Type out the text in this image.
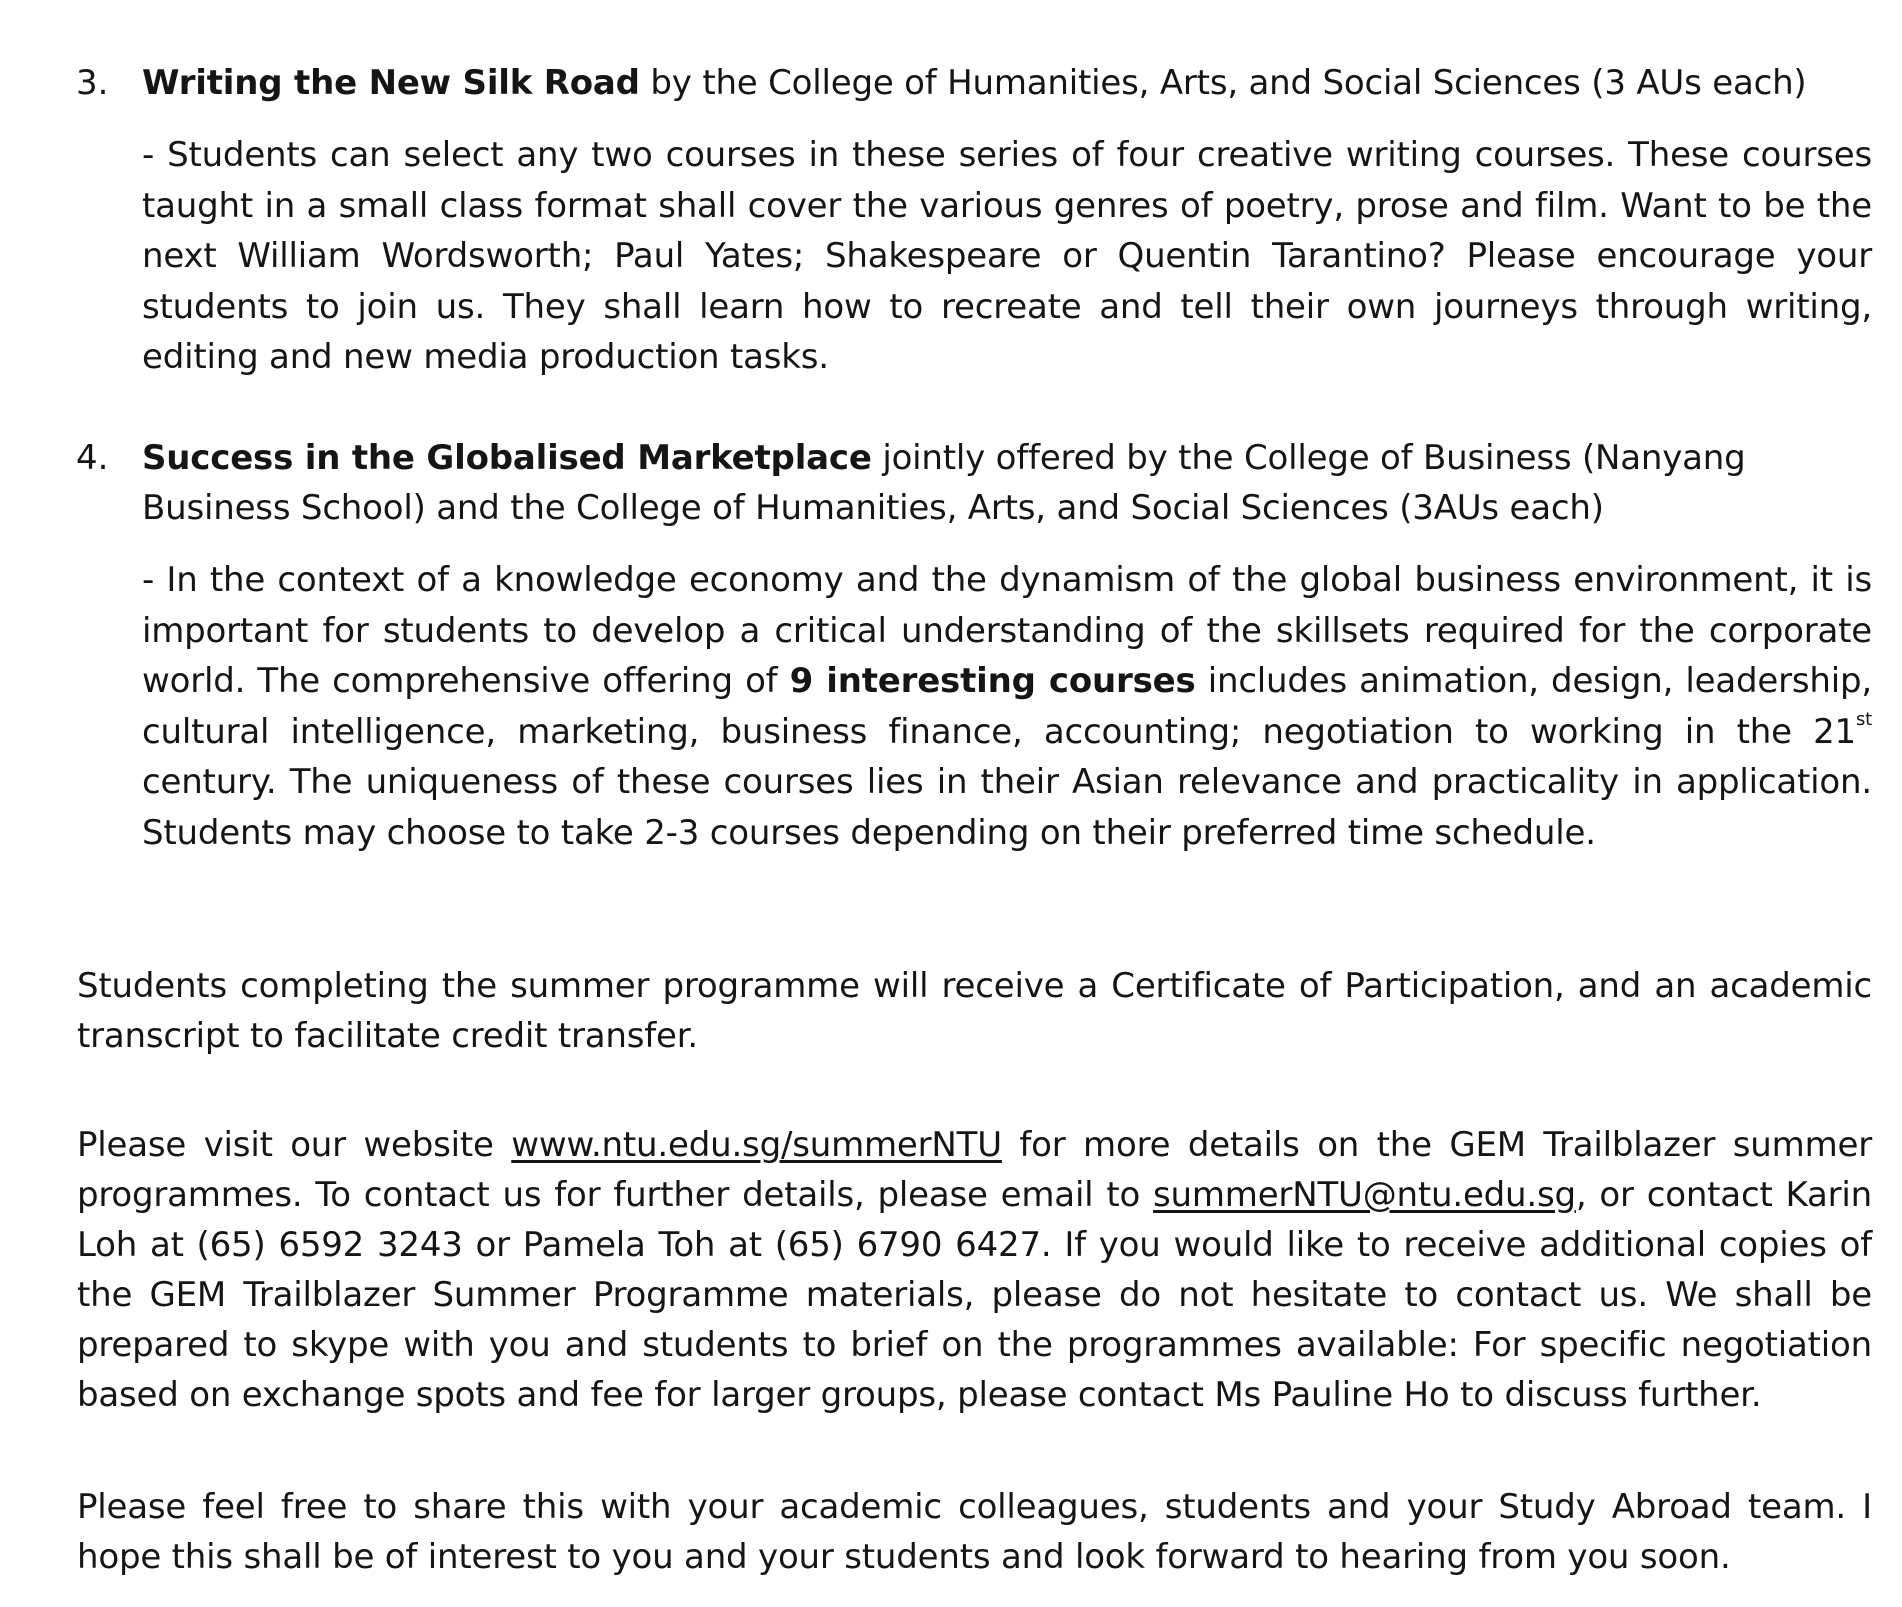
3. Writing the New Silk Road by the College of Humanities, Arts, and Social Sciences (3 AUs each)
- Students can select any two courses in these series of four creative writing courses. These courses taught in a small class format shall cover the various genres of poetry, prose and film. Want to be the next William Wordsworth; Paul Yates; Shakespeare or Quentin Tarantino? Please encourage your students to join us. They shall learn how to recreate and tell their own journeys through writing, editing and new media production tasks.
4. Success in the Globalised Marketplace jointly offered by the College of Business (Nanyang Business School) and the College of Humanities, Arts, and Social Sciences (3AUs each)
- In the context of a knowledge economy and the dynamism of the global business environment, it is important for students to develop a critical understanding of the skillsets required for the corporate world. The comprehensive offering of 9 interesting courses includes animation, design, leadership, cultural intelligence, marketing, business finance, accounting; negotiation to working in the 21st century. The uniqueness of these courses lies in their Asian relevance and practicality in application. Students may choose to take 2-3 courses depending on their preferred time schedule.
Students completing the summer programme will receive a Certificate of Participation, and an academic transcript to facilitate credit transfer.
Please visit our website www.ntu.edu.sg/summerNTU for more details on the GEM Trailblazer summer programmes. To contact us for further details, please email to summerNTU@ntu.edu.sg, or contact Karin Loh at (65) 6592 3243 or Pamela Toh at (65) 6790 6427. If you would like to receive additional copies of the GEM Trailblazer Summer Programme materials, please do not hesitate to contact us. We shall be prepared to skype with you and students to brief on the programmes available: For specific negotiation based on exchange spots and fee for larger groups, please contact Ms Pauline Ho to discuss further.
Please feel free to share this with your academic colleagues, students and your Study Abroad team. I hope this shall be of interest to you and your students and look forward to hearing from you soon.
